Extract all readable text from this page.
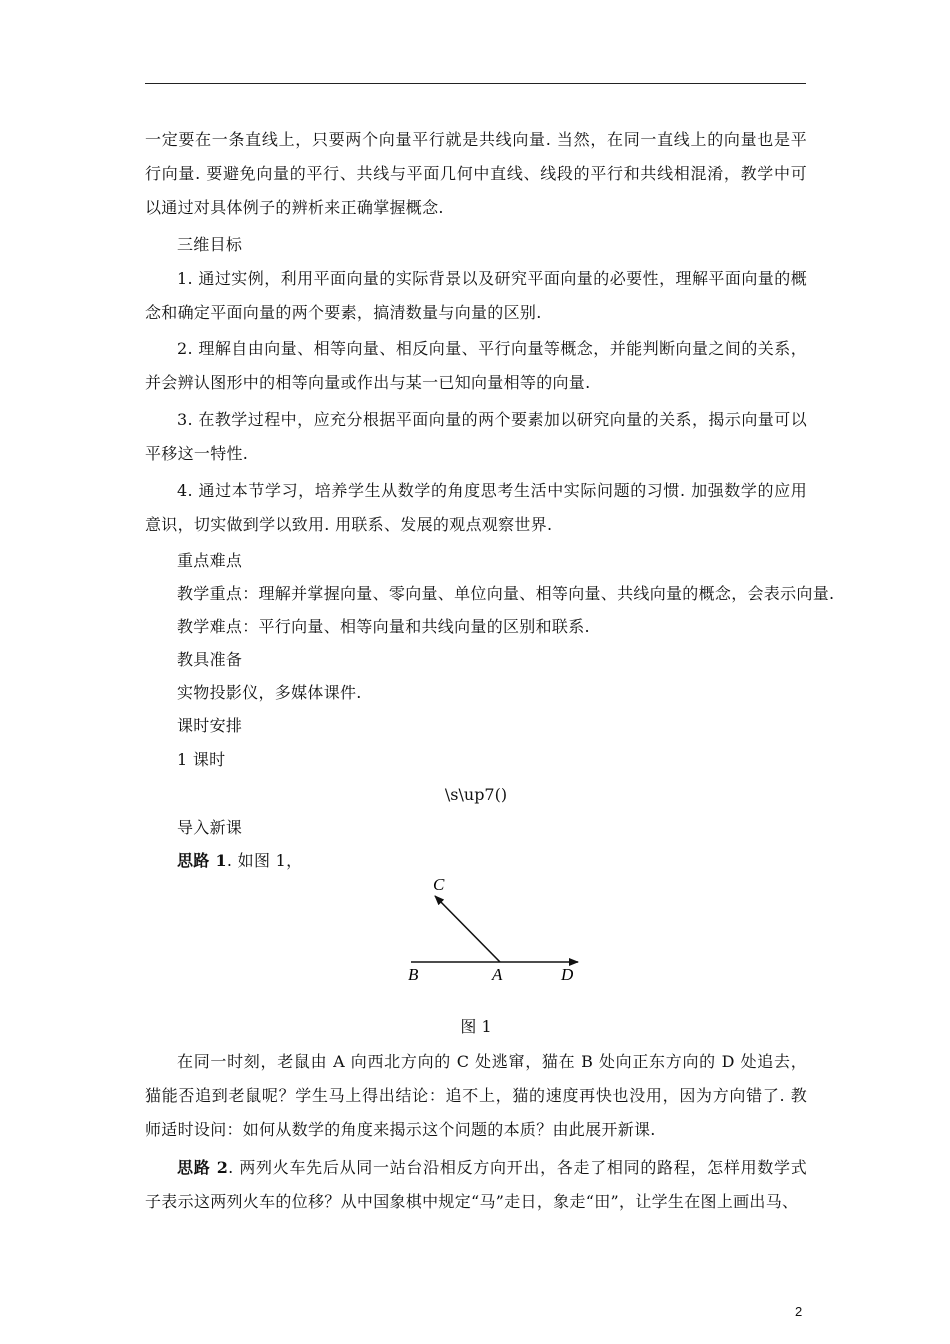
一定要在一条直线上，只要两个向量平行就是共线向量. 当然，在同一直线上的向量也是平行向量. 要避免向量的平行、共线与平面几何中直线、线段的平行和共线相混淆，教学中可以通过对具体例子的辨析来正确掌握概念.
三维目标
1. 通过实例，利用平面向量的实际背景以及研究平面向量的必要性，理解平面向量的概念和确定平面向量的两个要素，搞清数量与向量的区别.
2. 理解自由向量、相等向量、相反向量、平行向量等概念，并能判断向量之间的关系，并会辨认图形中的相等向量或作出与某一已知向量相等的向量.
3. 在教学过程中，应充分根据平面向量的两个要素加以研究向量的关系，揭示向量可以平移这一特性.
4. 通过本节学习，培养学生从数学的角度思考生活中实际问题的习惯. 加强数学的应用意识，切实做到学以致用. 用联系、发展的观点观察世界.
重点难点
教学重点：理解并掌握向量、零向量、单位向量、相等向量、共线向量的概念，会表示向量.
教学难点：平行向量、相等向量和共线向量的区别和联系.
教具准备
实物投影仪，多媒体课件.
课时安排
1 课时
\s\up7()
导入新课
思路 1. 如图 1，
C
B	A	D
图 1
在同一时刻，老鼠由 A 向西北方向的 C 处逃窜，猫在 B 处向正东方向的 D 处追去，猫能否追到老鼠呢？学生马上得出结论：追不上，猫的速度再快也没用，因为方向错了. 教师适时设问：如何从数学的角度来揭示这个问题的本质？由此展开新课.
思路 2. 两列火车先后从同一站台沿相反方向开出，各走了相同的路程，怎样用数学式子表示这两列火车的位移？从中国象棋中规定“马”走日，象走“田”，让学生在图上画出马、
2
